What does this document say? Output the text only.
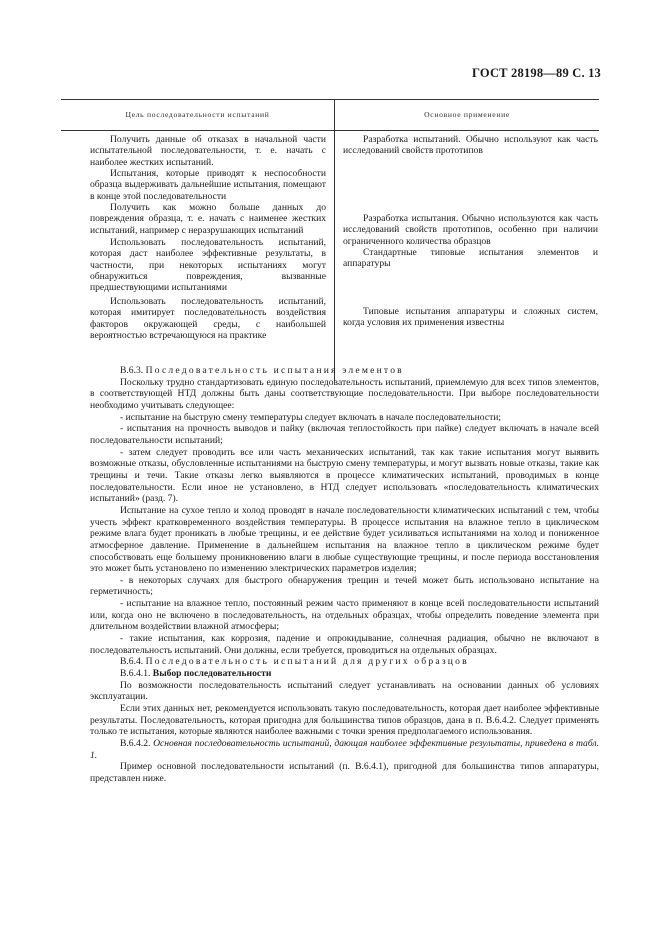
ГОСТ 28198—89 С. 13
Цель последовательности испытаний	Основное применение

Получить данные об отказах в начальной части испытательной последовательности, т. е. начать с наиболее жестких испытаний.

Разработка испытаний. Обычно используют как часть исследований свойств прототипов

Испытания, которые приводят к неспособности образца выдерживать дальнейшие испытания, помещают в конце этой последовательности

Получить как можно больше данных до повреждения образца, т. е. начать с наименее жестких испытаний, например с неразрушающих испытаний

Разработка испытания. Обычно используются как часть исследований свойств прототипов, особенно при наличии ограниченного количества образцов

Использовать последовательность испытаний, которая даст наиболее эффективные результаты, в частности, при некоторых испытаниях могут обнаружиться повреждения, вызванные предшествующими испытаниями

Стандартные типовые испытания элементов и аппаратуры

Использовать последовательность испытаний, которая имитирует последовательность воздействия факторов окружающей среды, с наибольшей вероятностью встречающуюся на практике

Типовые испытания аппаратуры и сложных систем, когда условия их применения известны

В.6.3. Последовательность испытания элементов

Поскольку трудно стандартизовать единую последовательность испытаний, приемлемую для всех типов элементов, в соответствующей НТД должны быть даны соответствующие последовательности. При выборе последовательности необходимо учитывать следующее:

- испытание на быструю смену температуры следует включать в начале последовательности;

- испытания на прочность выводов и пайку (включая теплостойкость при пайке) следует включать в начале всей последовательности испытаний;

- затем следует проводить все или часть механических испытаний, так как такие испытания могут выявить возможные отказы, обусловленные испытаниями на быструю смену температуры, и могут вызвать новые отказы, такие как трещины и течи. Такие отказы легко выявляются в процессе климатических испытаний, проводимых в конце последовательности. Если иное не установлено, в НТД следует использовать «последовательность климатических испытаний» (разд. 7).

Испытание на сухое тепло и холод проводят в начале последовательности климатических испытаний с тем, чтобы учесть эффект кратковременного воздействия температуры. В процессе испытания на влажное тепло в циклическом режиме влага будет проникать в любые трещины, и ее действие будет усиливаться испытаниями на холод и пониженное атмосферное давление. Применение в дальнейшем испытания на влажное тепло в циклическом режиме будет способствовать еще большему проникновению влаги в любые существующие трещины, и после периода восстановления это может быть установлено по изменению электрических параметров изделия;

- в некоторых случаях для быстрого обнаружения трещин и течей может быть использовано испытание на герметичность;

- испытание на влажное тепло, постоянный режим часто применяют в конце всей последовательности испытаний или, когда оно не включено в последовательность, на отдельных образцах, чтобы определить поведение элемента при длительном воздействии влажной атмосферы;

- такие испытания, как коррозия, падение и опрокидывание, солнечная радиация, обычно не включают в последовательность испытаний. Они должны, если требуется, проводиться на отдельных образцах.

В.6.4. Последовательность испытаний для других образцов

В.6.4.1. Выбор последовательности

По возможности последовательность испытаний следует устанавливать на основании данных об условиях эксплуатации.

Если этих данных нет, рекомендуется использовать такую последовательность, которая дает наиболее эффективные результаты. Последовательность, которая пригодна для большинства типов образцов, дана в п. В.6.4.2. Следует применять только те испытания, которые являются наиболее важными с точки зрения предполагаемого использования.

В.6.4.2. Основная последовательность испытаний, дающая наиболее эффективные результаты, приведена в табл. 1.

Пример основной последовательности испытаний (п. В.6.4.1), пригодной для большинства типов аппаратуры, представлен ниже.
